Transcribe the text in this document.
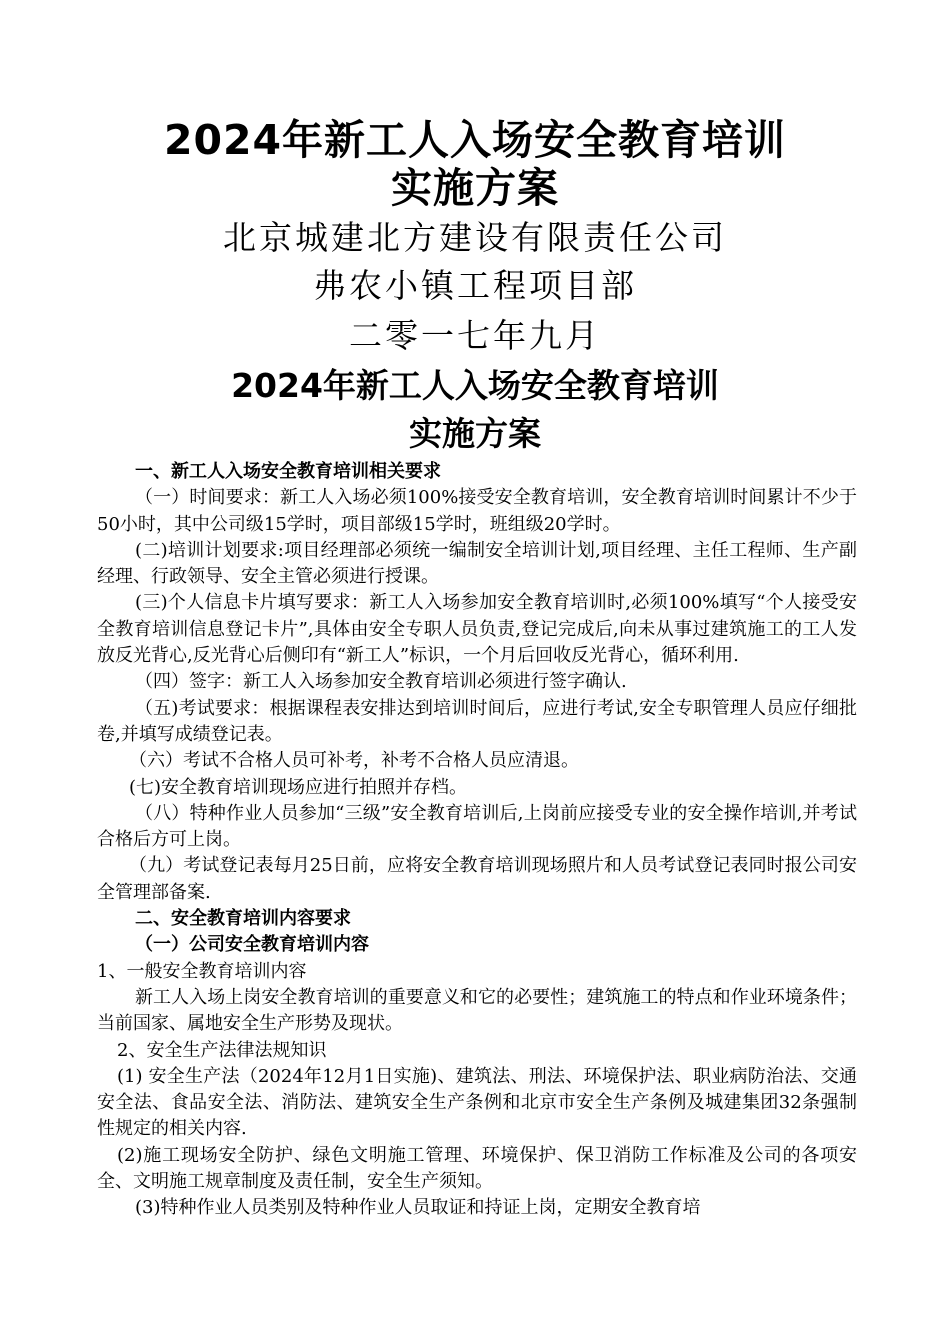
2024年新工人入场安全教育培训
实施方案
北京城建北方建设有限责任公司
弗农小镇工程项目部
二零一七年九月
2024年新工人入场安全教育培训
实施方案

一、新工人入场安全教育培训相关要求

（一）时间要求：新工人入场必须100%接受安全教育培训，安全教育培训时间累计不少于50小时，其中公司级15学时，项目部级15学时，班组级20学时。

(二)培训计划要求:项目经理部必须统一编制安全培训计划,项目经理、主任工程师、生产副经理、行政领导、安全主管必须进行授课。

(三)个人信息卡片填写要求：新工人入场参加安全教育培训时,必须100%填写“个人接受安全教育培训信息登记卡片”,具体由安全专职人员负责,登记完成后,向未从事过建筑施工的工人发放反光背心,反光背心后侧印有“新工人”标识，一个月后回收反光背心，循环利用.

（四）签字：新工人入场参加安全教育培训必须进行签字确认.

（五)考试要求：根据课程表安排达到培训时间后，应进行考试,安全专职管理人员应仔细批卷,并填写成绩登记表。

（六）考试不合格人员可补考，补考不合格人员应清退。

(七)安全教育培训现场应进行拍照并存档。

（八）特种作业人员参加“三级”安全教育培训后,上岗前应接受专业的安全操作培训,并考试合格后方可上岗。

（九）考试登记表每月25日前，应将安全教育培训现场照片和人员考试登记表同时报公司安全管理部备案.

二、安全教育培训内容要求

（一）公司安全教育培训内容

1、一般安全教育培训内容

新工人入场上岗安全教育培训的重要意义和它的必要性；建筑施工的特点和作业环境条件；当前国家、属地安全生产形势及现状。

2、安全生产法律法规知识

(1) 安全生产法（2024年12月1日实施)、建筑法、刑法、环境保护法、职业病防治法、交通安全法、食品安全法、消防法、建筑安全生产条例和北京市安全生产条例及城建集团32条强制性规定的相关内容.

(2)施工现场安全防护、绿色文明施工管理、环境保护、保卫消防工作标准及公司的各项安全、文明施工规章制度及责任制，安全生产须知。

(3)特种作业人员类别及特种作业人员取证和持证上岗，定期安全教育培
